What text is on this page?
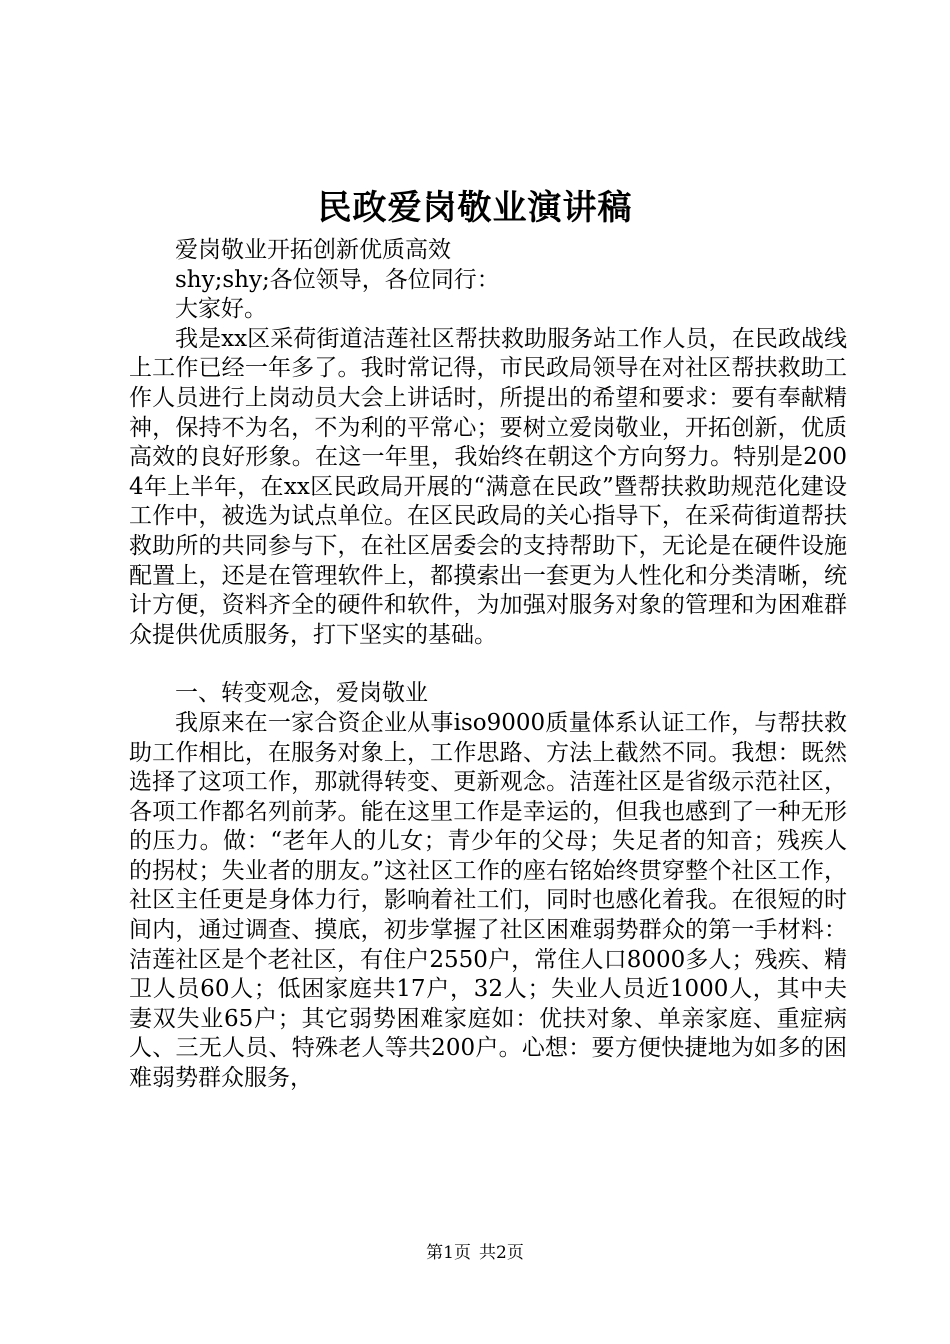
民政爱岗敬业演讲稿

爱岗敬业开拓创新优质高效

shy;shy;各位领导，各位同行：

大家好。

我是xx区采荷街道洁莲社区帮扶救助服务站工作人员，在民政战线上工作已经一年多了。我时常记得，市民政局领导在对社区帮扶救助工作人员进行上岗动员大会上讲话时，所提出的希望和要求：要有奉献精神，保持不为名，不为利的平常心；要树立爱岗敬业，开拓创新，优质高效的良好形象。在这一年里，我始终在朝这个方向努力。特别是2004年上半年，在xx区民政局开展的“满意在民政”暨帮扶救助规范化建设工作中，被选为试点单位。在区民政局的关心指导下，在采荷街道帮扶救助所的共同参与下，在社区居委会的支持帮助下，无论是在硬件设施配置上，还是在管理软件上，都摸索出一套更为人性化和分类清晰，统计方便，资料齐全的硬件和软件，为加强对服务对象的管理和为困难群众提供优质服务，打下坚实的基础。

一、转变观念，爱岗敬业

我原来在一家合资企业从事iso9000质量体系认证工作，与帮扶救助工作相比，在服务对象上，工作思路、方法上截然不同。我想：既然选择了这项工作，那就得转变、更新观念。洁莲社区是省级示范社区，各项工作都名列前茅。能在这里工作是幸运的，但我也感到了一种无形的压力。做：“老年人的儿女；青少年的父母；失足者的知音；残疾人的拐杖；失业者的朋友。”这社区工作的座右铭始终贯穿整个社区工作，社区主任更是身体力行，影响着社工们，同时也感化着我。在很短的时间内，通过调查、摸底，初步掌握了社区困难弱势群众的第一手材料：洁莲社区是个老社区，有住户2550户，常住人口8000多人；残疾、精卫人员60人；低困家庭共17户，32人；失业人员近1000人，其中夫妻双失业65户；其它弱势困难家庭如：优扶对象、单亲家庭、重症病人、三无人员、特殊老人等共200户。心想：要方便快捷地为如多的困难弱势群众服务，

第1页 共2页
